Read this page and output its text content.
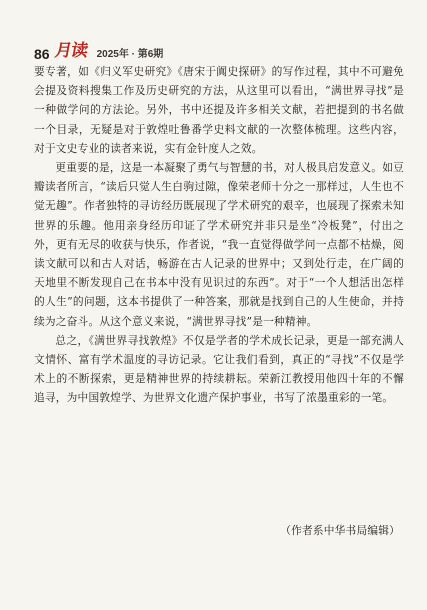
86 月读 2025年 · 第6期

要专著，如《归义军史研究》《唐宋于阗史探研》的写作过程，其中不可避免会提及资料搜集工作及历史研究的方法，从这里可以看出，“满世界寻找”是一种做学问的方法论。另外，书中还提及许多相关文献，若把提到的书名做一个目录，无疑是对于敦煌吐鲁番学史料文献的一次整体梳理。这些内容，对于文史专业的读者来说，实有金针度人之效。

更重要的是，这是一本凝聚了勇气与智慧的书，对人极具启发意义。如豆瓣读者所言，“读后只觉人生白驹过隙，像荣老师十分之一那样过，人生也不觉无趣”。作者独特的寻访经历既展现了学术研究的艰辛，也展现了探索未知世界的乐趣。他用亲身经历印证了学术研究并非只是坐“冷板凳”，付出之外，更有无尽的收获与快乐，作者说，“我一直觉得做学问一点都不枯燥，阅读文献可以和古人对话，畅游在古人记录的世界中；又到处行走，在广阔的天地里不断发现自己在书本中没有见识过的东西”。对于“一个人想活出怎样的人生”的问题，这本书提供了一种答案，那就是找到自己的人生使命，并持续为之奋斗。从这个意义来说，“满世界寻找”是一种精神。

总之，《满世界寻找敦煌》不仅是学者的学术成长记录，更是一部充满人文情怀、富有学术温度的寻访记录。它让我们看到，真正的“寻找”不仅是学术上的不断探索，更是精神世界的持续耕耘。荣新江教授用他四十年的不懈追寻，为中国敦煌学、为世界文化遗产保护事业，书写了浓墨重彩的一笔。

（作者系中华书局编辑）
